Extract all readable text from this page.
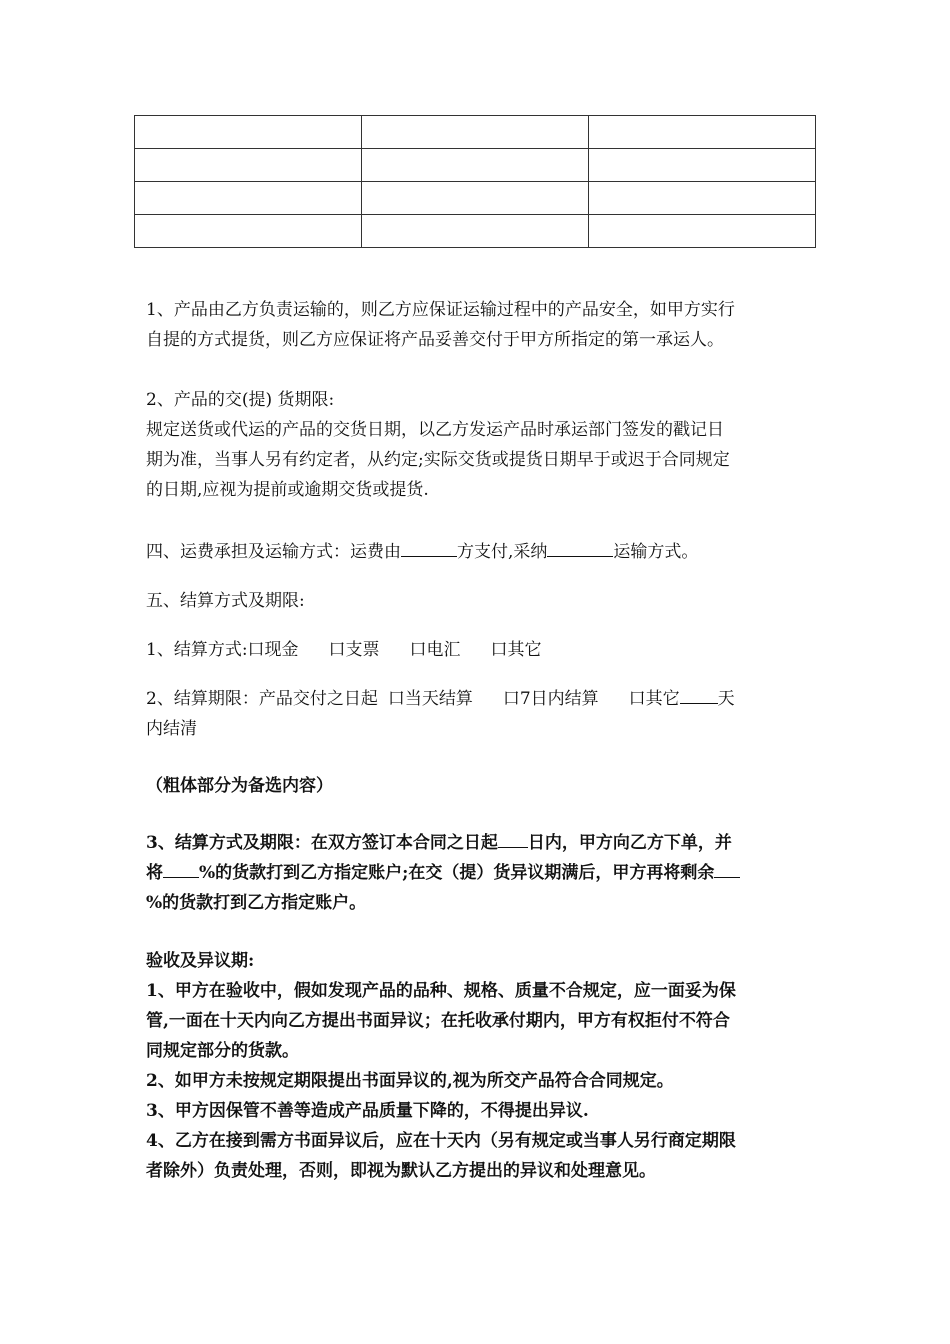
1、产品由乙方负责运输的，则乙方应保证运输过程中的产品安全，如甲方实行
自提的方式提货，则乙方应保证将产品妥善交付于甲方所指定的第一承运人。
2、产品的交(提) 货期限:
规定送货或代运的产品的交货日期，以乙方发运产品时承运部门签发的戳记日
期为准，当事人另有约定者，从约定;实际交货或提货日期早于或迟于合同规定
的日期,应视为提前或逾期交货或提货.
四、运费承担及运输方式：运费由	方支付,采纳	运输方式。
五、结算方式及期限:
1、结算方式:口现金 口支票 口电汇 口其它
2、结算期限：产品交付之日起 口当天结算 口7日内结算 口其它 天
内结清
（粗体部分为备选内容）
3、结算方式及期限：在双方签订本合同之日起 日内，甲方向乙方下单，并
将 %的货款打到乙方指定账户;在交（提）货异议期满后，甲方再将剩余
%的货款打到乙方指定账户。
验收及异议期:
1、甲方在验收中，假如发现产品的品种、规格、质量不合规定，应一面妥为保
管,一面在十天内向乙方提出书面异议；在托收承付期内，甲方有权拒付不符合
同规定部分的货款。
2、如甲方未按规定期限提出书面异议的,视为所交产品符合合同规定。
3、甲方因保管不善等造成产品质量下降的，不得提出异议.
4、乙方在接到需方书面异议后，应在十天内（另有规定或当事人另行商定期限
者除外）负责处理，否则，即视为默认乙方提出的异议和处理意见。
